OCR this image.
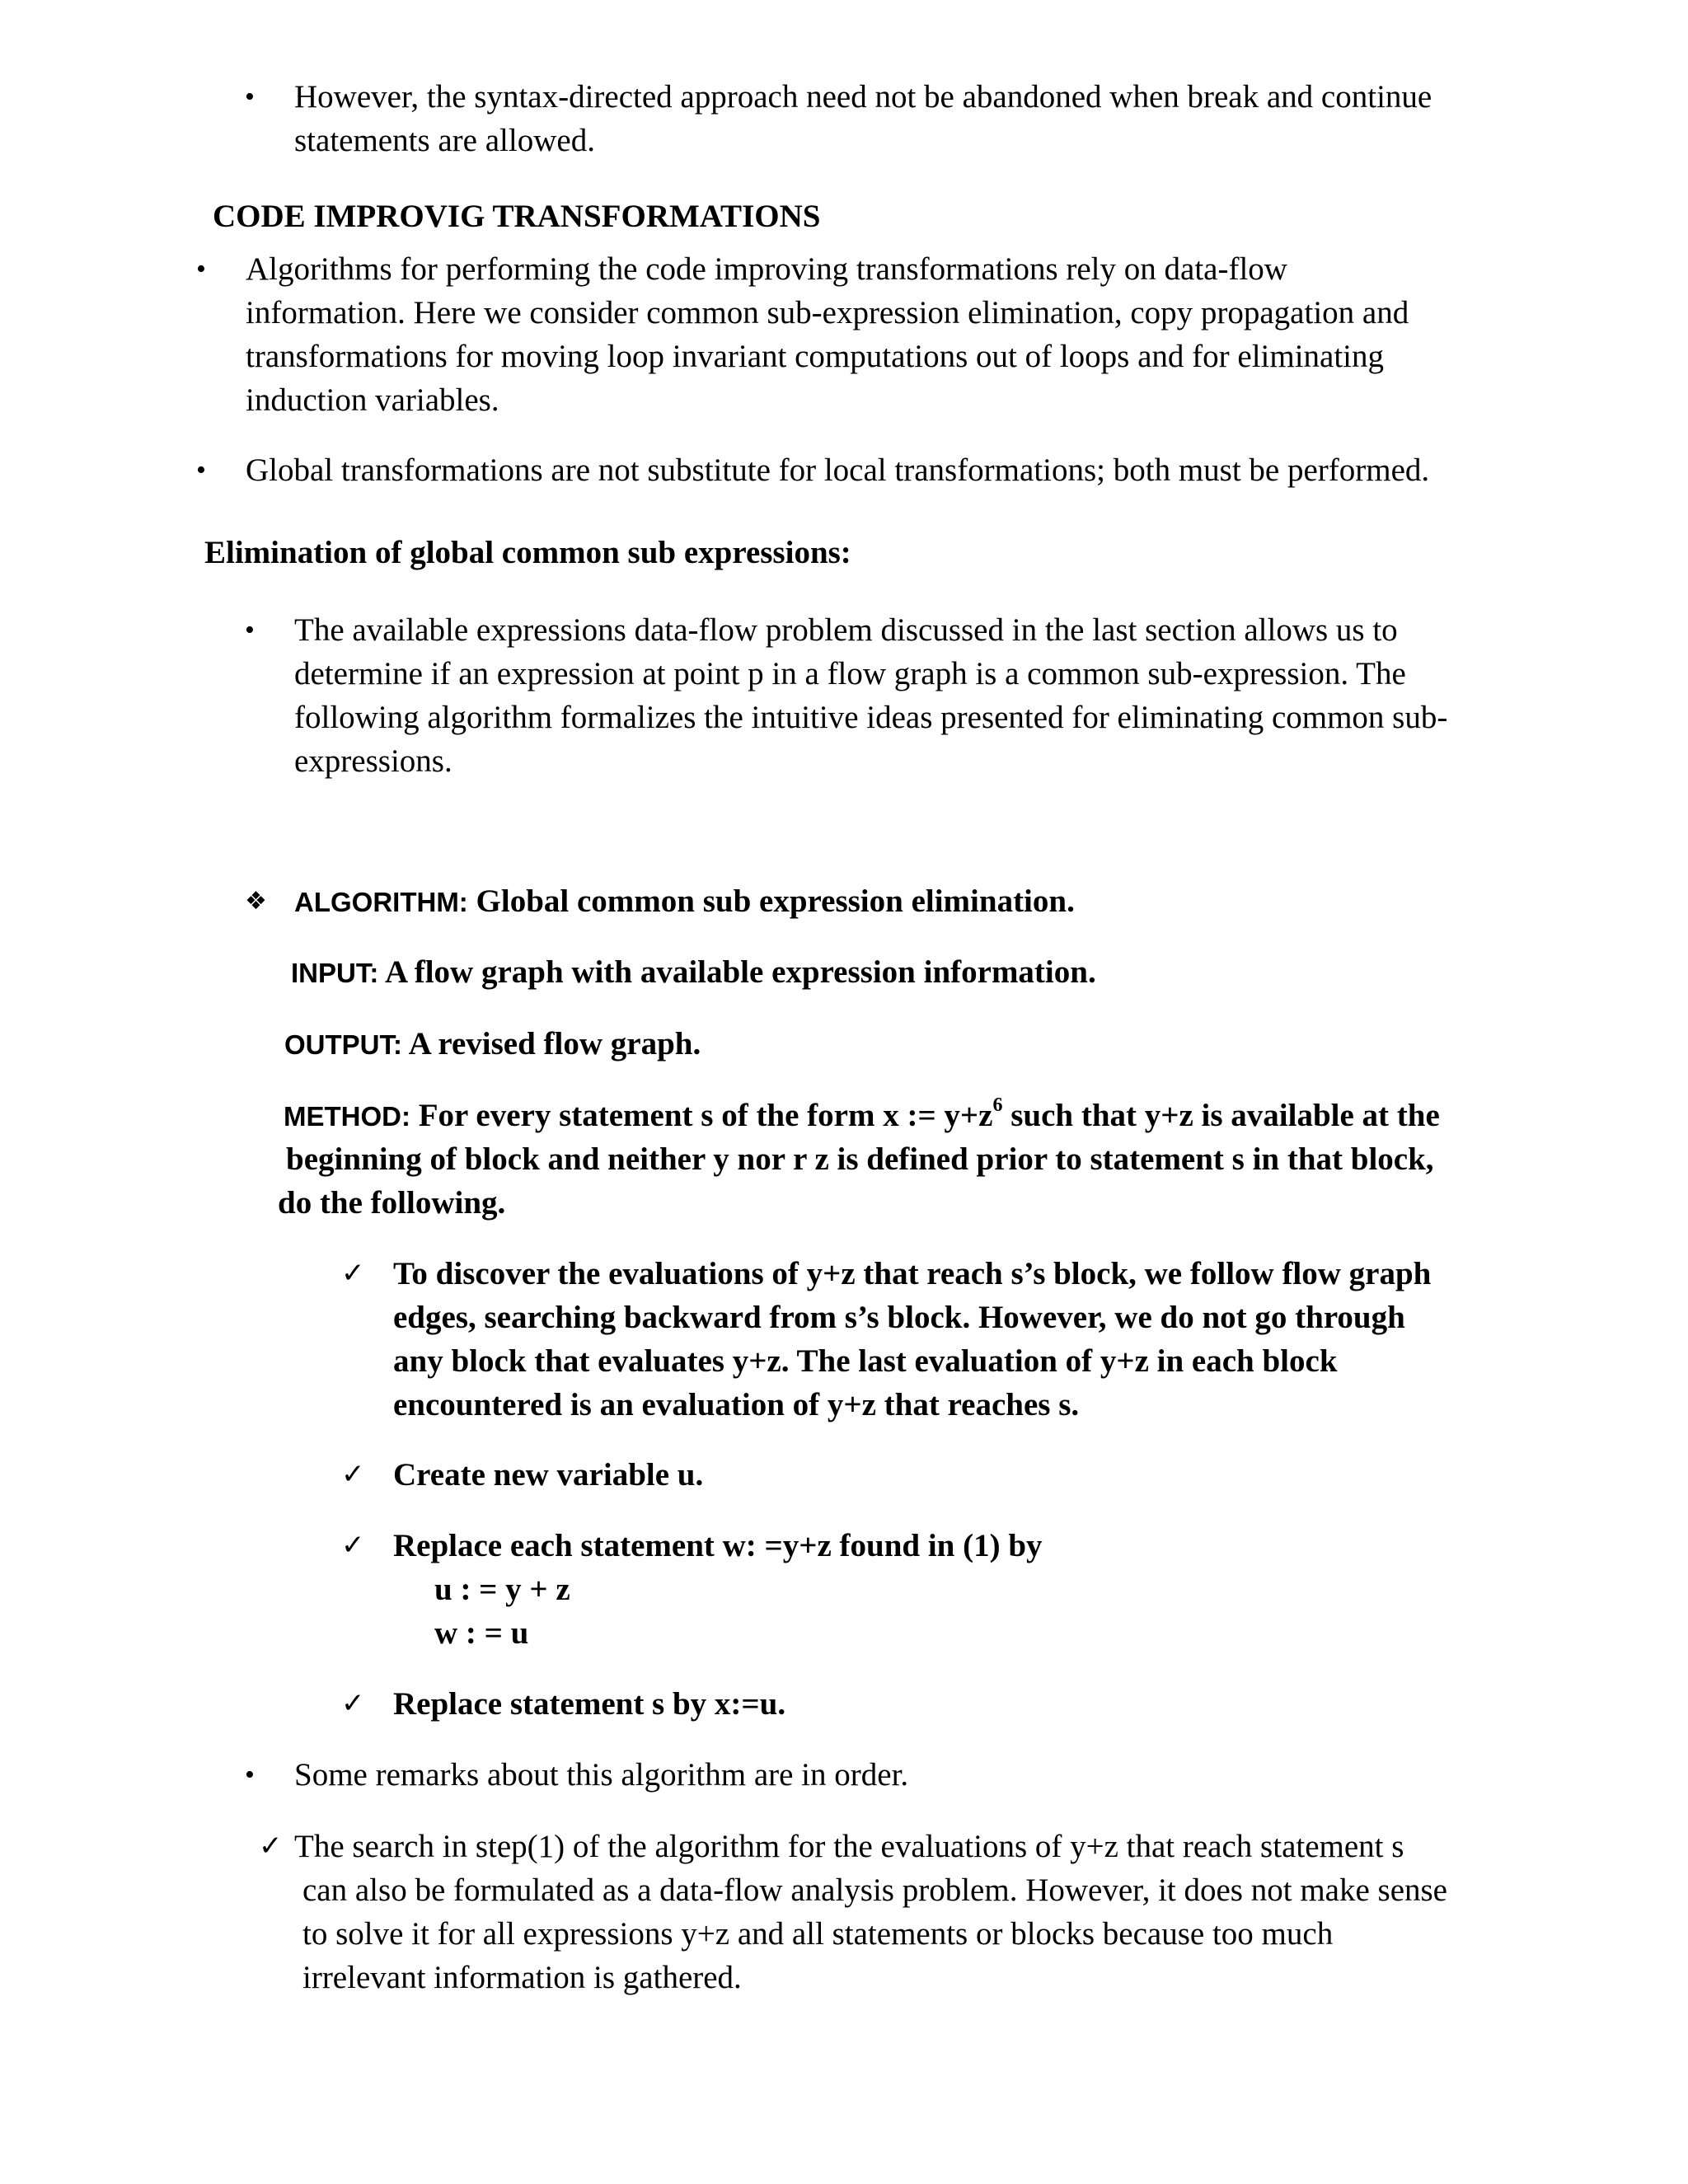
• However, the syntax-directed approach need not be abandoned when break and continue
statements are allowed.
CODE IMPROVIG TRANSFORMATIONS
• Algorithms for performing the code improving transformations rely on data-flow
information. Here we consider common sub-expression elimination, copy propagation and
transformations for moving loop invariant computations out of loops and for eliminating
induction variables.
• Global transformations are not substitute for local transformations; both must be performed.
Elimination of global common sub expressions:
• The available expressions data-flow problem discussed in the last section allows us to
determine if an expression at point p in a flow graph is a common sub-expression. The
following algorithm formalizes the intuitive ideas presented for eliminating common sub-
expressions.
❖ ALGORITHM: Global common sub expression elimination.
INPUT: A flow graph with available expression information.
OUTPUT: A revised flow graph.
METHOD: For every statement s of the form x := $y+z^6$ such that y+z is available at the
beginning of block and neither y nor r z is defined prior to statement s in that block,
do the following.
✓ To discover the evaluations of y+z that reach s’s block, we follow flow graph
edges, searching backward from s’s block. However, we do not go through
any block that evaluates y+z. The last evaluation of y+z in each block
encountered is an evaluation of y+z that reaches s.
✓ Create new variable u.
✓ Replace each statement w: =y+z found in (1) by
u : = y + z
w : = u
✓ Replace statement s by x:=u.
• Some remarks about this algorithm are in order.
✓ The search in step(1) of the algorithm for the evaluations of y+z that reach statement s
can also be formulated as a data-flow analysis problem. However, it does not make sense
to solve it for all expressions y+z and all statements or blocks because too much
irrelevant information is gathered.
